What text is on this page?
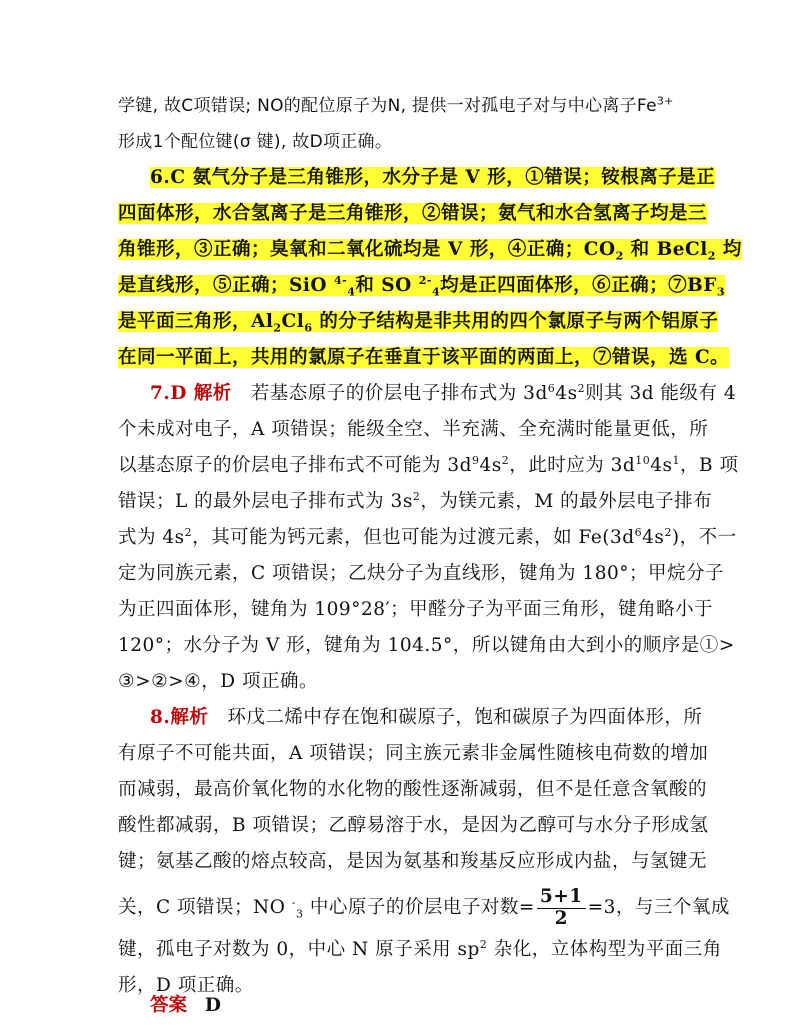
学键, 故C项错误; NO的配位原子为N, 提供一对孤电子对与中心离子$Fe^{3+}$
形成1个配位键(σ 键), 故D项正确。
6.C 氨气分子是三角锥形，水分子是 V 形，①错误；铵根离子是正
四面体形，水合氢离子是三角锥形，②错误；氨气和水合氢离子均是三
角锥形，③正确；臭氧和二氧化硫均是 V 形，④正确；$CO_2$ 和 BeCl$_2$ 均
是直线形，⑤正确；SiO $^{4-}_4$和 SO $^{2-}_4$均是正四面体形，⑥正确；$⑦BF_3$
是平面三角形，$Al_2Cl_6$ 的分子结构是非共用的四个氯原子与两个铝原子
在同一平面上，共用的氯原子在垂直于该平面的两面上，⑦错误，选 C。
7.D 解析　若基态原子的价层电子排布式为 $3d^64s^2$则其 3d 能级有 4
个未成对电子，A 项错误；能级全空、半充满、全充满时能量更低，所
以基态原子的价层电子排布式不可能为 $3d^94s^2$，此时应为 $3d^{10}4s^1$，B 项
错误；L 的最外层电子排布式为 $3s^2$，为镁元素，M 的最外层电子排布
式为 $4s^2$，其可能为钙元素，但也可能为过渡元素，如 $Fe(3d^64s^2)$，不一
定为同族元素，C 项错误；乙炔分子为直线形，键角为 180°；甲烷分子
为正四面体形，键角为 109°28′；甲醛分子为平面三角形，键角略小于
120°；水分子为 V 形，键角为 104.5°，所以键角由大到小的顺序是①>
③>②>④，D 项正确。
8.解析　环戊二烯中存在饱和碳原子，饱和碳原子为四面体形，所
有原子不可能共面，A 项错误；同主族元素非金属性随核电荷数的增加
而减弱，最高价氧化物的水化物的酸性逐渐减弱，但不是任意含氧酸的
酸性都减弱，B 项错误；乙醇易溶于水，是因为乙醇可与水分子形成氢
键；氨基乙酸的熔点较高，是因为氨基和羧基反应形成内盐，与氢键无
关，C 项错误；NO -$_3$ 中心原子的价层电子对数= $\frac{5+1}{2} =3$，与三个氧成
键，孤电子对数为 0，中心 N 原子采用 $sp^2$ 杂化，立体构型为平面三角
形，D 项正确。
答案 D
